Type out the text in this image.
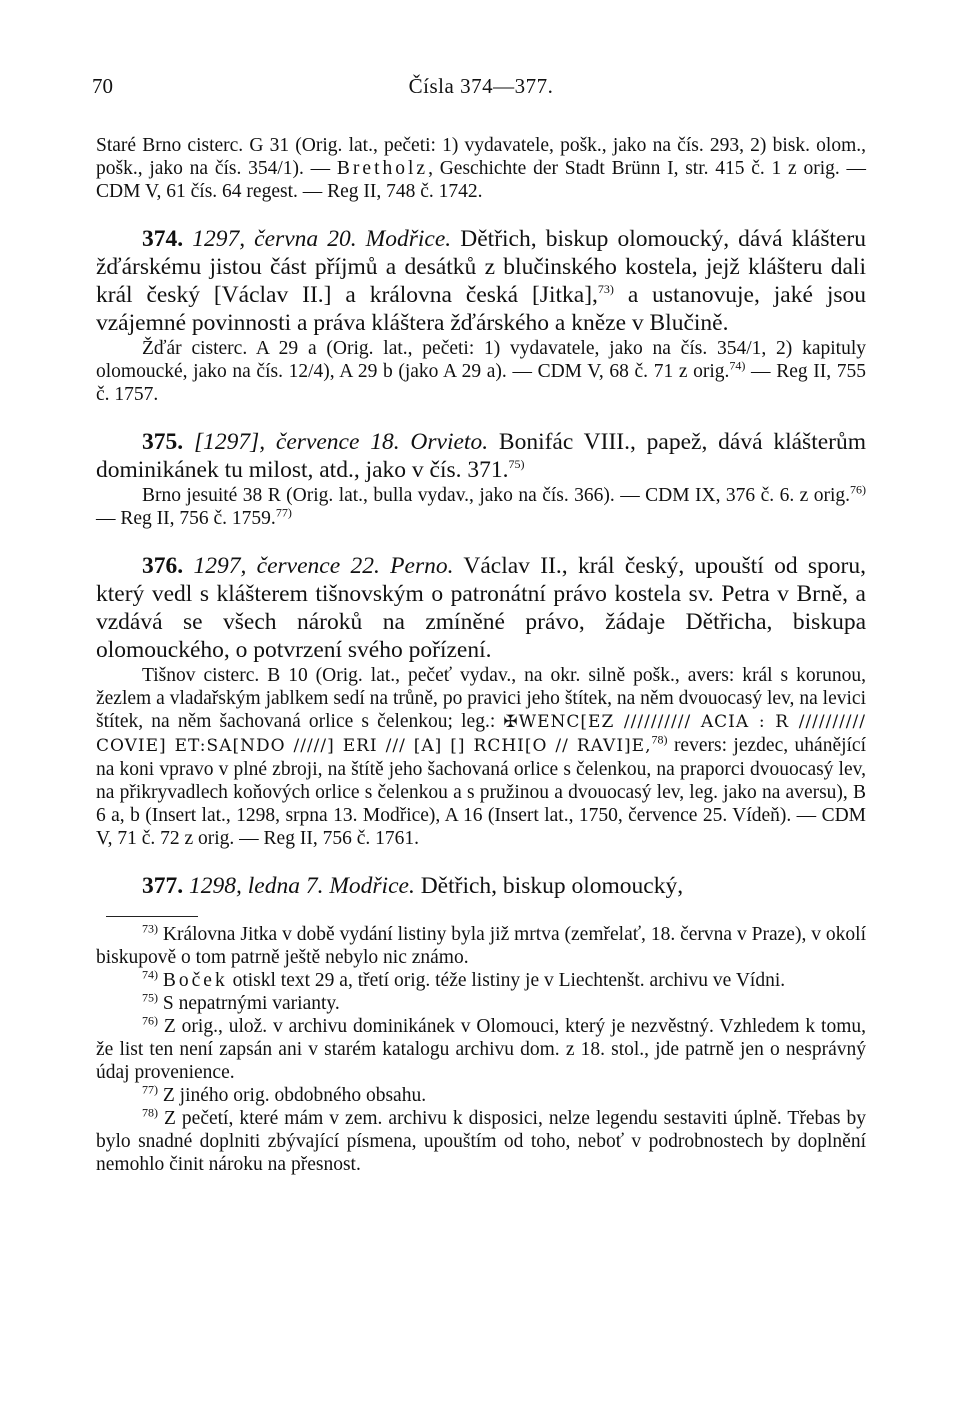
70	Čísla 374—377.

Staré Brno cisterc. G 31 (Orig. lat., pečeti: 1) vydavatele, pošk., jako na čís. 293, 2) bisk. olom., pošk., jako na čís. 354/1). — Bretholz, Geschichte der Stadt Brünn I, str. 415 č. 1 z orig. — CDM V, 61 čís. 64 regest. — Reg II, 748 č. 1742.

374. 1297, června 20. Modřice. Dětřich, biskup olomoucký, dává klášteru žďárskému jistou část příjmů a desátků z blučinského kostela, jejž klášteru dali král český [Václav II.] a královna česká [Jitka],$^{73)}$ a ustanovuje, jaké jsou vzájemné povinnosti a práva kláštera žďárského a kněze v Blučině.

Žďár cisterc. A 29 a (Orig. lat., pečeti: 1) vydavatele, jako na čís. 354/1, 2) kapituly olomoucké, jako na čís. 12/4), A 29 b (jako A 29 a). — CDM V, 68 č. 71 z orig.$^{74)}$ — Reg II, 755 č. 1757.

375. [1297], července 18. Orvieto. Bonifác VIII., papež, dává klášterům dominikánek tu milost, atd., jako v čís. 371.$^{75)}$

Brno jesuité 38 R (Orig. lat., bulla vydav., jako na čís. 366). — CDM IX, 376 č. 6. z orig.$^{76)}$ — Reg II, 756 č. 1759.$^{77)}$

376. 1297, července 22. Perno. Václav II., král český, upouští od sporu, který vedl s klášterem tišnovským o patronátní právo kostela sv. Petra v Brně, a vzdává se všech nároků na zmíněné právo, žádaje Dětřicha, biskupa olomouckého, o potvrzení svého pořízení.

Tišnov cisterc. B 10 (Orig. lat., pečeť vydav., na okr. silně pošk., avers: král s korunou, žezlem a vladařským jablkem sedí na trůně, po pravici jeho štítek, na něm dvouocasý lev, na levici štítek, na něm šachovaná orlice s čelenkou; leg.: ✠WENC[EZ ////////// ACIA : R ////////// COVIE] ET:SA[NDO /////] ERI /// [A] [] RCHI[O // RAVI]E,$^{78)}$ revers: jezdec, uhánějící na koni vpravo v plné zbroji, na štítě jeho šachovaná orlice s čelenkou, na praporci dvouocasý lev, na přikryvadlech koňových orlice s čelenkou a s pružinou a dvouocasý lev, leg. jako na aversu), B 6 a, b (Insert lat., 1298, srpna 13. Modřice), A 16 (Insert lat., 1750, července 25. Vídeň). — CDM V, 71 č. 72 z orig. — Reg II, 756 č. 1761.

377. 1298, ledna 7. Modřice. Dětřich, biskup olomoucký,

$^{73)}$ Královna Jitka v době vydání listiny byla již mrtva (zemřelať, 18. června v Praze), v okolí biskupově o tom patrně ještě nebylo nic známo.

$^{74)}$ Boček otiskl text 29 a, třetí orig. téže listiny je v Liechtenšt. archivu ve Vídni.

$^{75)}$ S nepatrnými varianty.

$^{76)}$ Z orig., ulož. v archivu dominikánek v Olomouci, který je nezvěstný. Vzhledem k tomu, že list ten není zapsán ani v starém katalogu archivu dom. z 18. stol., jde patrně jen o nesprávný údaj provenience.

$^{77)}$ Z jiného orig. obdobného obsahu.

$^{78)}$ Z pečetí, které mám v zem. archivu k disposici, nelze legendu sestaviti úplně. Třebas by bylo snadné doplniti zbývající písmena, upouštím od toho, neboť v podrobnostech by doplnění nemohlo činit nároku na přesnost.
